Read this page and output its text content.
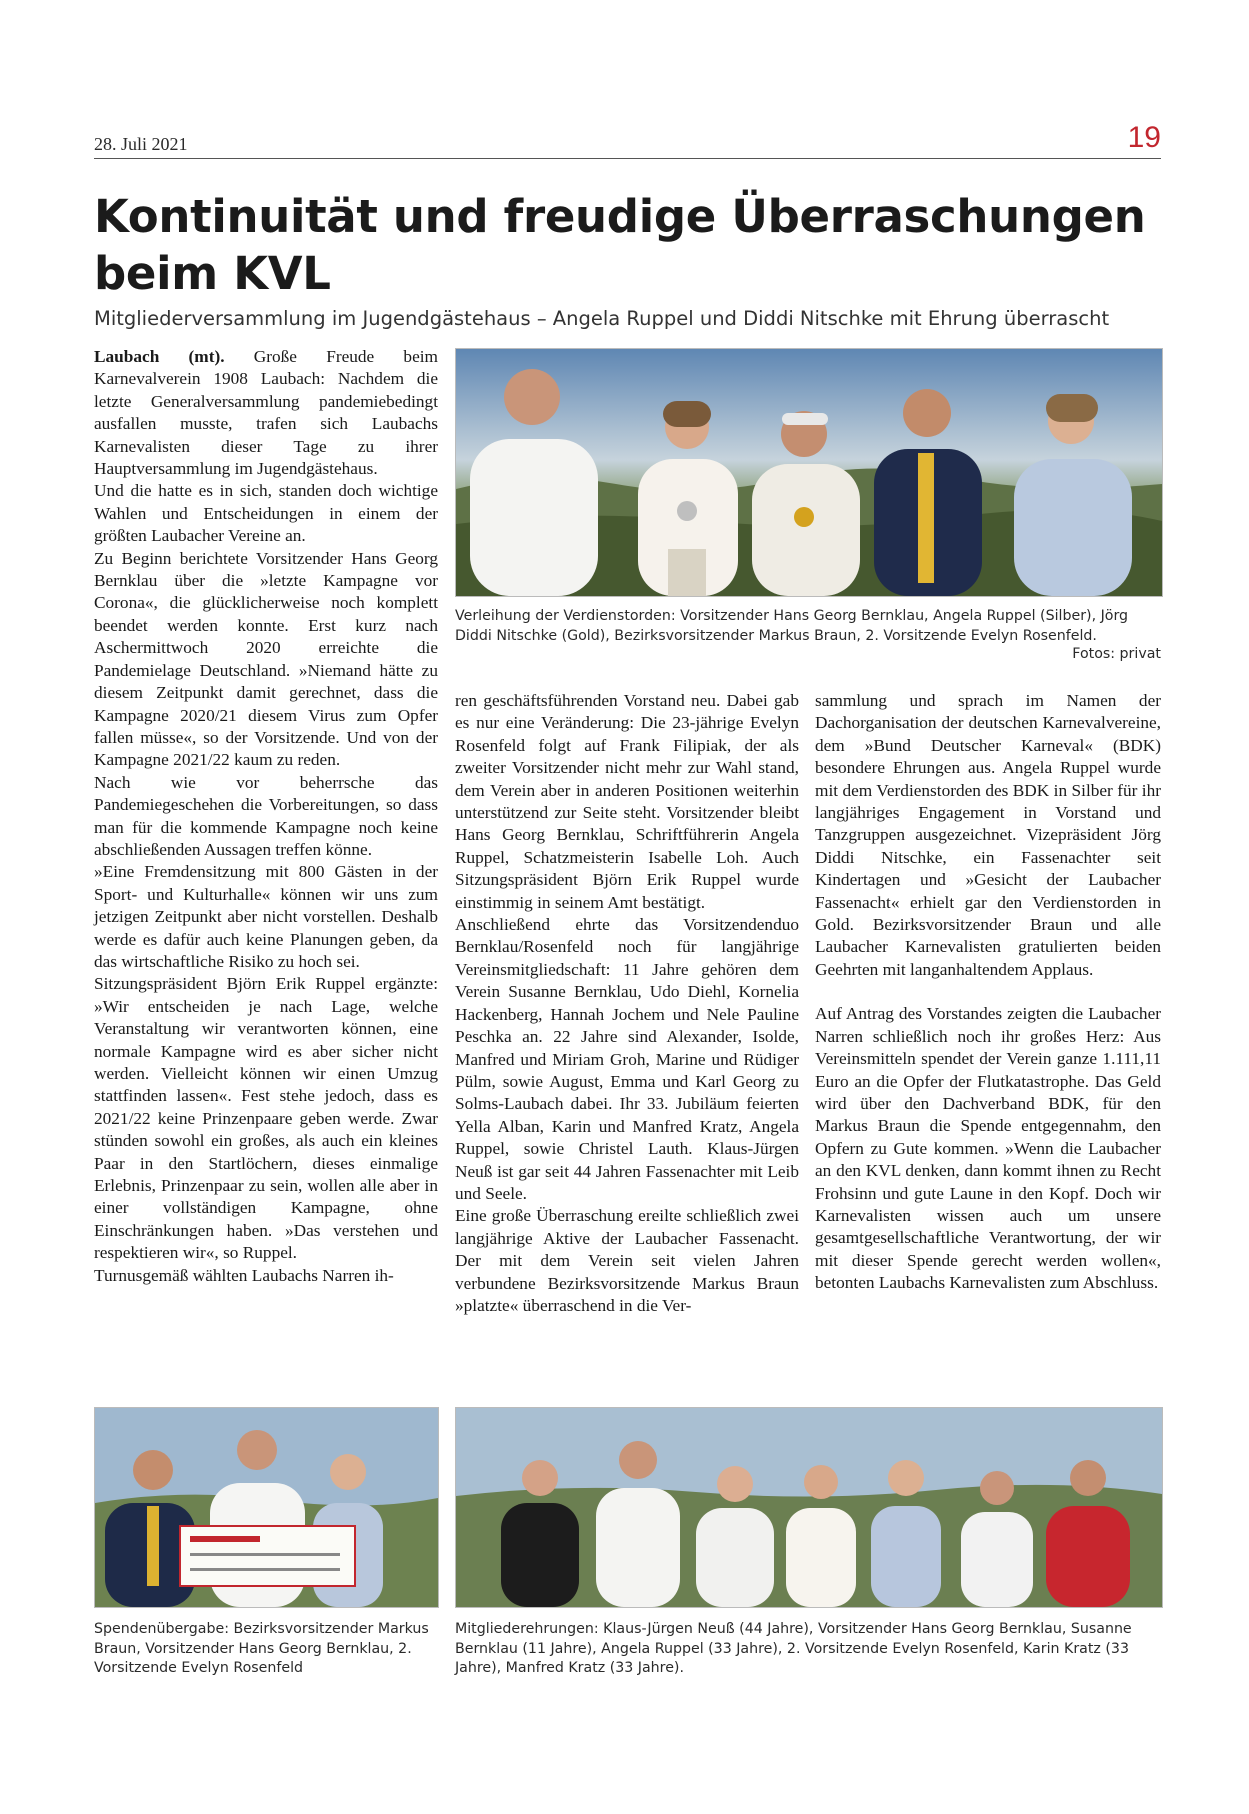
28. Juli 2021	19
Kontinuität und freudige Überraschungen beim KVL
Mitgliederversammlung im Jugendgästehaus – Angela Ruppel und Diddi Nitschke mit Ehrung überrascht
Verleihung der Verdienstorden: Vorsitzender Hans Georg Bernklau, Angela Ruppel (Silber), Jörg Diddi Nitschke (Gold), Bezirksvorsitzender Markus Braun, 2. Vorsitzende Evelyn Rosenfeld.
Fotos: privat

Laubach (mt). Große Freude beim Karnevalverein 1908 Laubach: Nachdem die letzte Generalversammlung pandemiebedingt ausfallen musste, trafen sich Laubachs Karnevalisten dieser Tage zu ihrer Hauptversammlung im Jugendgästehaus.

Und die hatte es in sich, standen doch wichtige Wahlen und Entscheidungen in einem der größten Laubacher Vereine an.

Zu Beginn berichtete Vorsitzender Hans Georg Bernklau über die »letzte Kampagne vor Corona«, die glücklicherweise noch komplett beendet werden konnte. Erst kurz nach Aschermittwoch 2020 erreichte die Pandemielage Deutschland. »Niemand hätte zu diesem Zeitpunkt damit gerechnet, dass die Kampagne 2020/21 diesem Virus zum Opfer fallen müsse«, so der Vorsitzende. Und von der Kampagne 2021/22 kaum zu reden.

Nach wie vor beherrsche das Pandemiegeschehen die Vorbereitungen, so dass man für die kommende Kampagne noch keine abschließenden Aussagen treffen könne.

»Eine Fremdensitzung mit 800 Gästen in der Sport- und Kulturhalle« können wir uns zum jetzigen Zeitpunkt aber nicht vorstellen. Deshalb werde es dafür auch keine Planungen geben, da das wirtschaftliche Risiko zu hoch sei.

Sitzungspräsident Björn Erik Ruppel ergänzte: »Wir entscheiden je nach Lage, welche Veranstaltung wir verantworten können, eine normale Kampagne wird es aber sicher nicht werden. Vielleicht können wir einen Umzug stattfinden lassen«. Fest stehe jedoch, dass es 2021/22 keine Prinzenpaare geben werde. Zwar stünden sowohl ein großes, als auch ein kleines Paar in den Startlöchern, dieses einmalige Erlebnis, Prinzenpaar zu sein, wollen alle aber in einer vollständigen Kampagne, ohne Einschränkungen haben. »Das verstehen und respektieren wir«, so Ruppel.

Turnusgemäß wählten Laubachs Narren ih-

ren geschäftsführenden Vorstand neu. Dabei gab es nur eine Veränderung: Die 23-jährige Evelyn Rosenfeld folgt auf Frank Filipiak, der als zweiter Vorsitzender nicht mehr zur Wahl stand, dem Verein aber in anderen Positionen weiterhin unterstützend zur Seite steht. Vorsitzender bleibt Hans Georg Bernklau, Schriftführerin Angela Ruppel, Schatzmeisterin Isabelle Loh. Auch Sitzungspräsident Björn Erik Ruppel wurde einstimmig in seinem Amt bestätigt.

Anschließend ehrte das Vorsitzendenduo Bernklau/Rosenfeld noch für langjährige Vereinsmitgliedschaft: 11 Jahre gehören dem Verein Susanne Bernklau, Udo Diehl, Kornelia Hackenberg, Hannah Jochem und Nele Pauline Peschka an. 22 Jahre sind Alexander, Isolde, Manfred und Miriam Groh, Marine und Rüdiger Pülm, sowie August, Emma und Karl Georg zu Solms-Laubach dabei. Ihr 33. Jubiläum feierten Yella Alban, Karin und Manfred Kratz, Angela Ruppel, sowie Christel Lauth. Klaus-Jürgen Neuß ist gar seit 44 Jahren Fassenachter mit Leib und Seele.

Eine große Überraschung ereilte schließlich zwei langjährige Aktive der Laubacher Fassenacht. Der mit dem Verein seit vielen Jahren verbundene Bezirksvorsitzende Markus Braun »platzte« überraschend in die Ver-

sammlung und sprach im Namen der Dachorganisation der deutschen Karnevalvereine, dem »Bund Deutscher Karneval« (BDK) besondere Ehrungen aus. Angela Ruppel wurde mit dem Verdienstorden des BDK in Silber für ihr langjähriges Engagement in Vorstand und Tanzgruppen ausgezeichnet. Vizepräsident Jörg Diddi Nitschke, ein Fassenachter seit Kindertagen und »Gesicht der Laubacher Fassenacht« erhielt gar den Verdienstorden in Gold. Bezirksvorsitzender Braun und alle Laubacher Karnevalisten gratulierten beiden Geehrten mit langanhaltendem Applaus.

Auf Antrag des Vorstandes zeigten die Laubacher Narren schließlich noch ihr großes Herz: Aus Vereinsmitteln spendet der Verein ganze 1.111,11 Euro an die Opfer der Flutkatastrophe. Das Geld wird über den Dachverband BDK, für den Markus Braun die Spende entgegennahm, den Opfern zu Gute kommen. »Wenn die Laubacher an den KVL denken, dann kommt ihnen zu Recht Frohsinn und gute Laune in den Kopf. Doch wir Karnevalisten wissen auch um unsere gesamtgesellschaftliche Verantwortung, der wir mit dieser Spende gerecht werden wollen«, betonten Laubachs Karnevalisten zum Abschluss.

Spendenübergabe: Bezirksvorsitzender Markus Braun, Vorsitzender Hans Georg Bernklau, 2. Vorsitzende Evelyn Rosenfeld
Mitgliederehrungen: Klaus-Jürgen Neuß (44 Jahre), Vorsitzender Hans Georg Bernklau, Susanne Bernklau (11 Jahre), Angela Ruppel (33 Jahre), 2. Vorsitzende Evelyn Rosenfeld, Karin Kratz (33 Jahre), Manfred Kratz (33 Jahre).
